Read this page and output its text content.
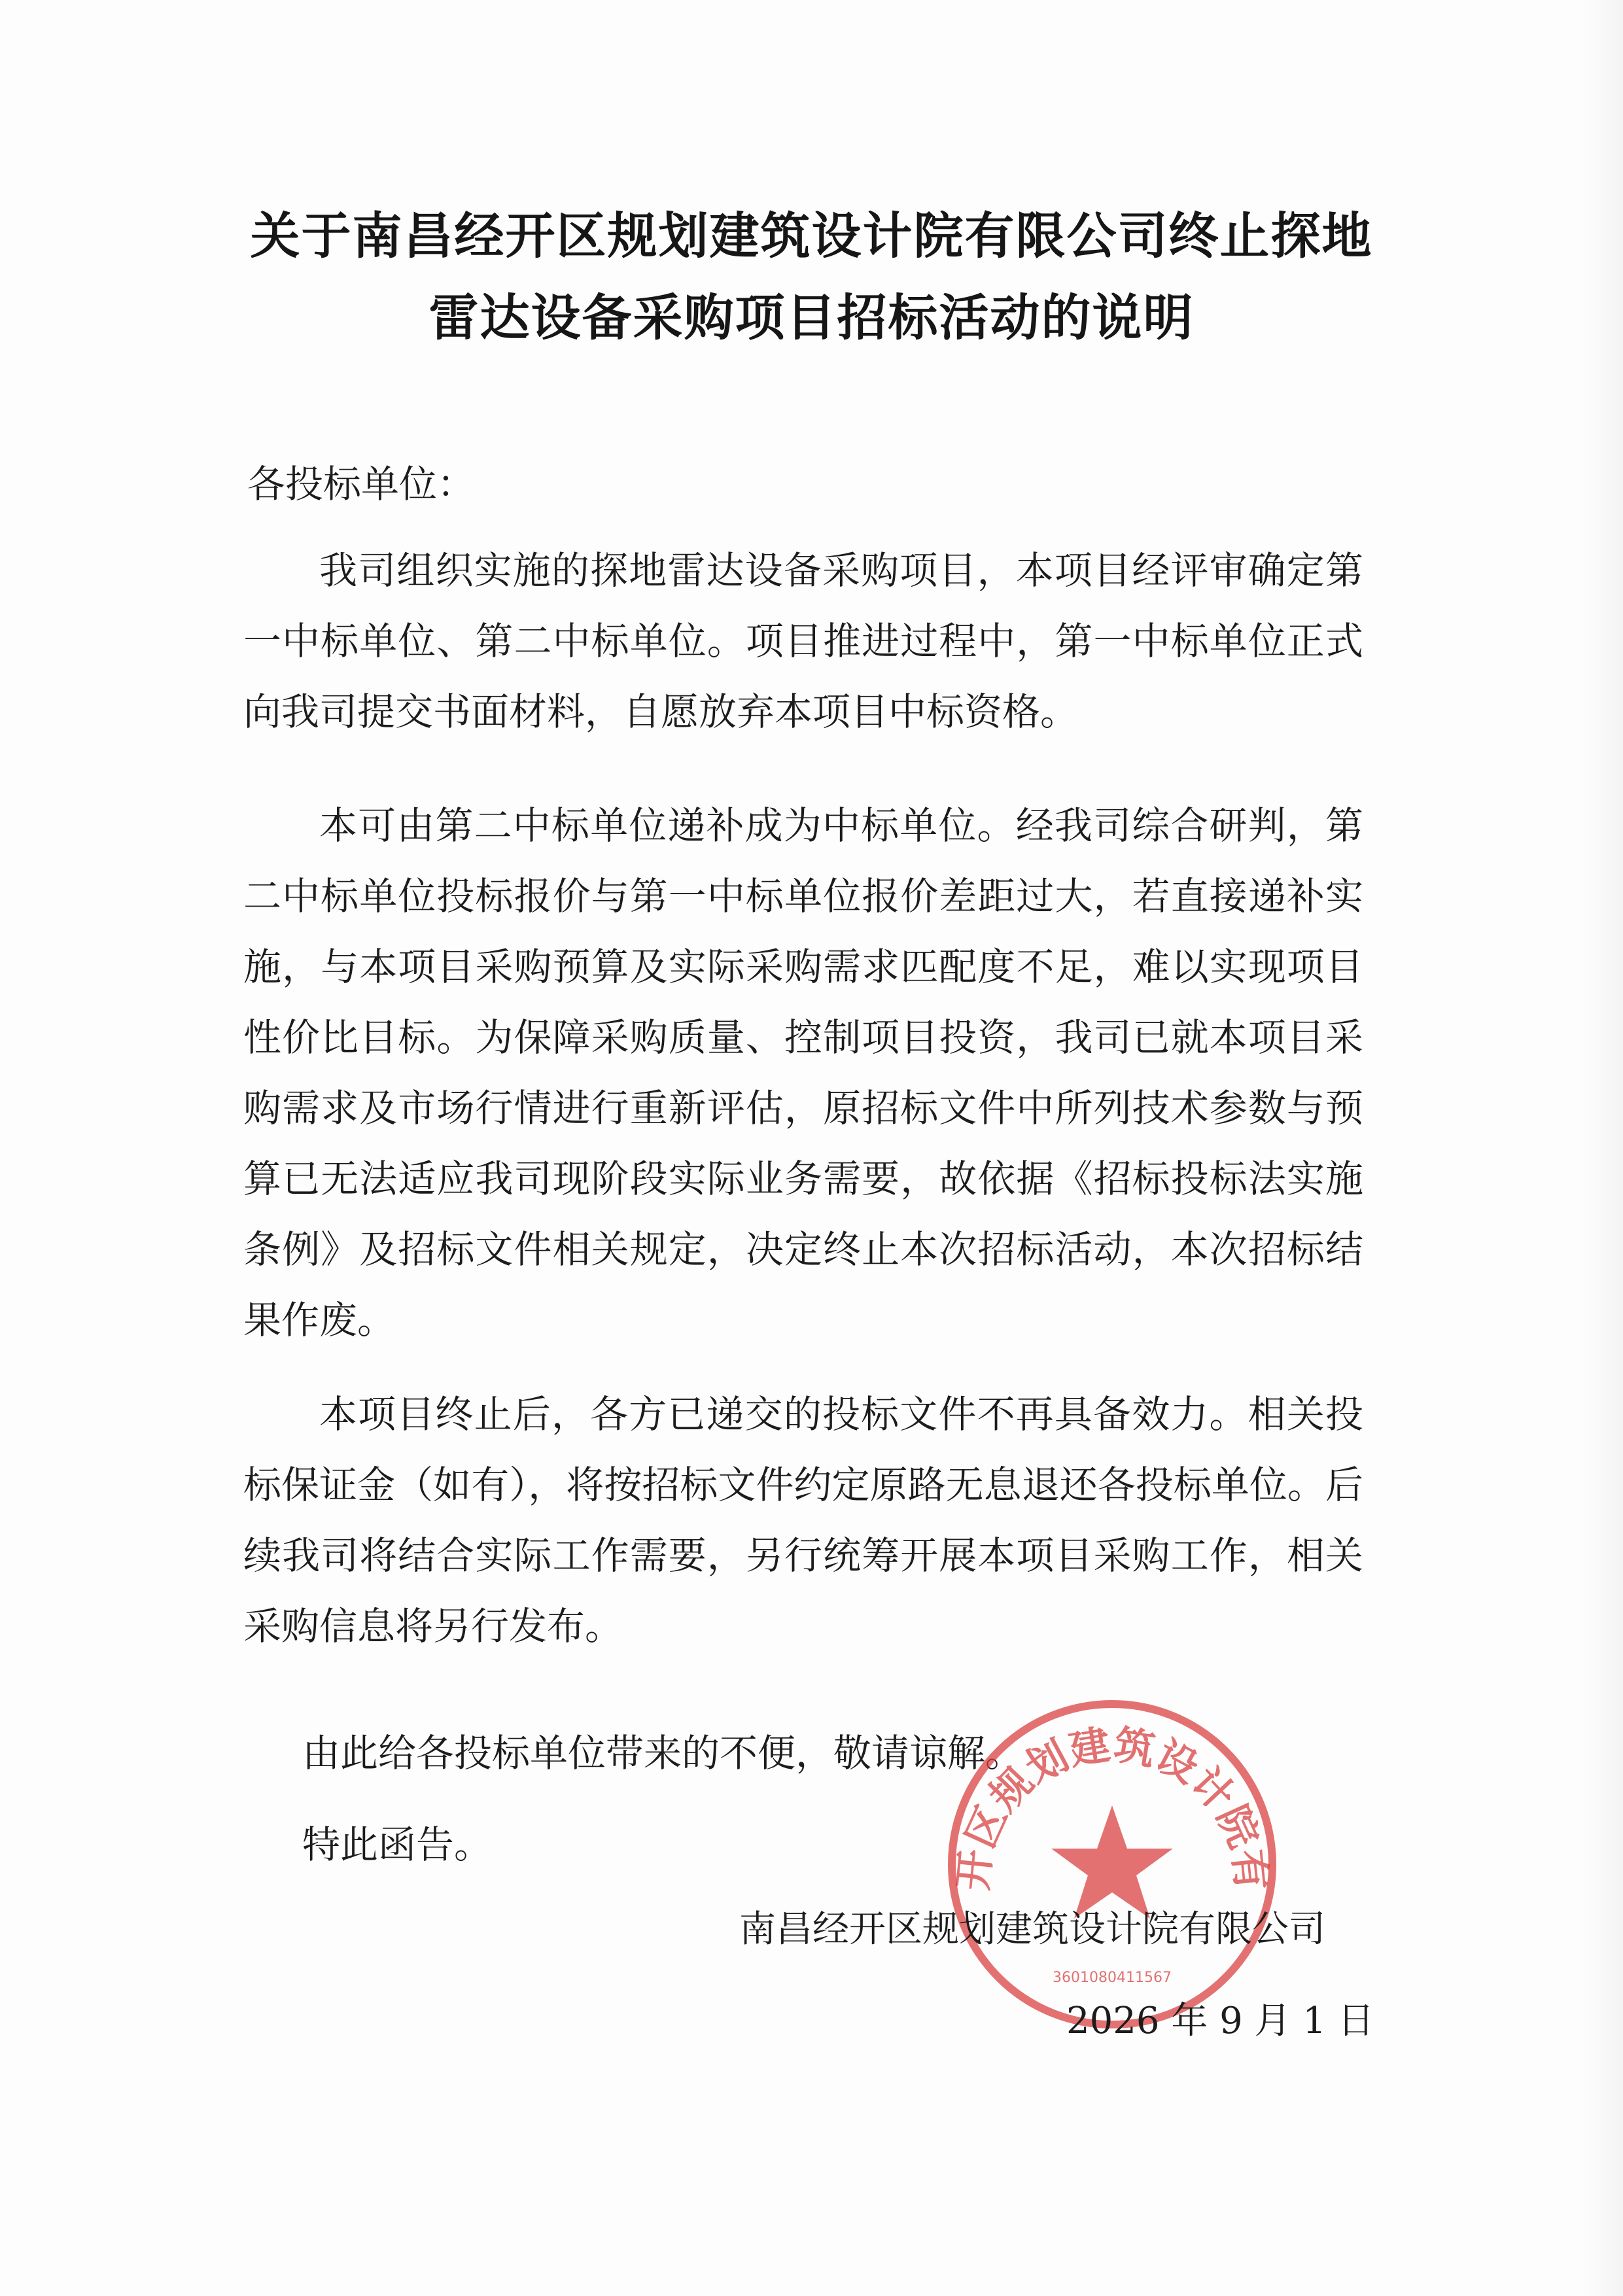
关于南昌经开区规划建筑设计院有限公司终止探地
雷达设备采购项目招标活动的说明
各投标单位：
我司组织实施的探地雷达设备采购项目，本项目经评审确定第一中标单位、第二中标单位。项目推进过程中，第一中标单位正式向我司提交书面材料，自愿放弃本项目中标资格。
本可由第二中标单位递补成为中标单位。经我司综合研判，第二中标单位投标报价与第一中标单位报价差距过大，若直接递补实施，与本项目采购预算及实际采购需求匹配度不足，难以实现项目性价比目标。为保障采购质量、控制项目投资，我司已就本项目采购需求及市场行情进行重新评估，原招标文件中所列技术参数与预算已无法适应我司现阶段实际业务需要，故依据《招标投标法实施条例》及招标文件相关规定，决定终止本次招标活动，本次招标结果作废。
本项目终止后，各方已递交的投标文件不再具备效力。相关投标保证金（如有），将按招标文件约定原路无息退还各投标单位。后续我司将结合实际工作需要，另行统筹开展本项目采购工作，相关采购信息将另行发布。
由此给各投标单位带来的不便，敬请谅解。
特此函告。
开区规划建筑设计院有
3601080411567
南昌经开区规划建筑设计院有限公司
2026 年 9 月 1 日
